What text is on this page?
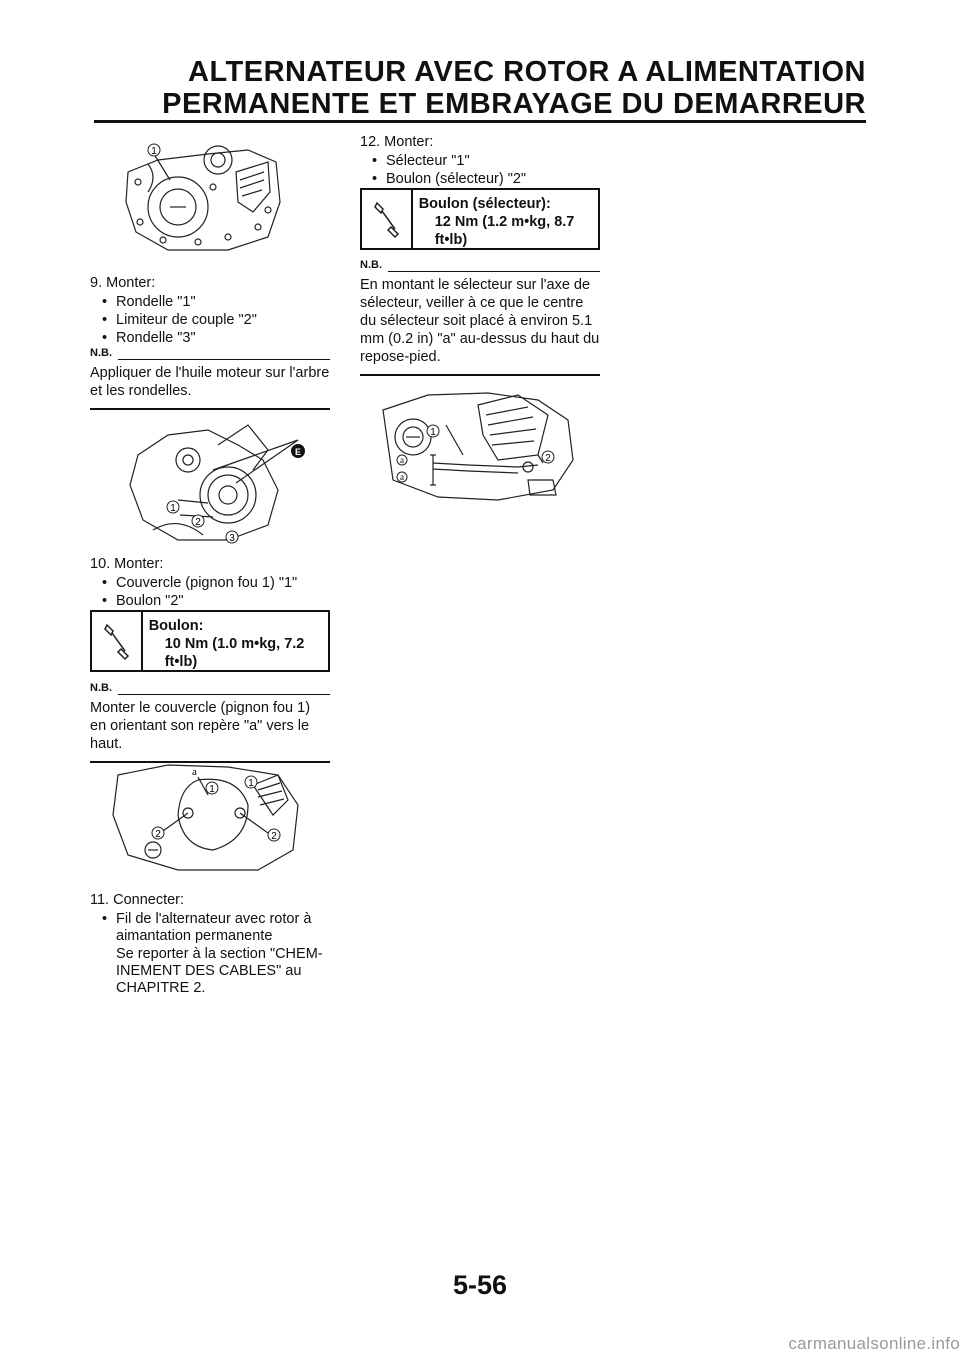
ALTERNATEUR AVEC ROTOR A ALIMENTATION
PERMANENTE ET EMBRAYAGE DU DEMARREUR
1

9. Monter:

• Rondelle "1"
• Limiteur de couple "2"
• Rondelle "3"
N.B.
Appliquer de l'huile moteur sur l'arbre et les rondelles.
E
1
2
3

10. Monter:

• Couvercle (pignon fou 1) "1"
• Boulon "2"
Boulon:
10 Nm (1.0 m•kg, 7.2 ft•lb)
N.B.
Monter le couvercle (pignon fou 1) en orientant son repère "a" vers le haut.
a
1
1
2	2

11. Connecter:

• Fil de l'alternateur avec rotor à aimantation permanente
Se reporter à la section "CHEM-INEMENT DES CABLES" au CHAPITRE 2.

12. Monter:

• Sélecteur "1"
• Boulon (sélecteur) "2"
Boulon (sélecteur):
12 Nm (1.2 m•kg, 8.7 ft•lb)
N.B.
En montant le sélecteur sur l'axe de sélecteur, veiller à ce que le centre du sélecteur soit placé à environ 5.1 mm (0.2 in) "a" au-dessus du haut du repose-pied.
1
2
a
a
5-56
carmanualsonline.info
